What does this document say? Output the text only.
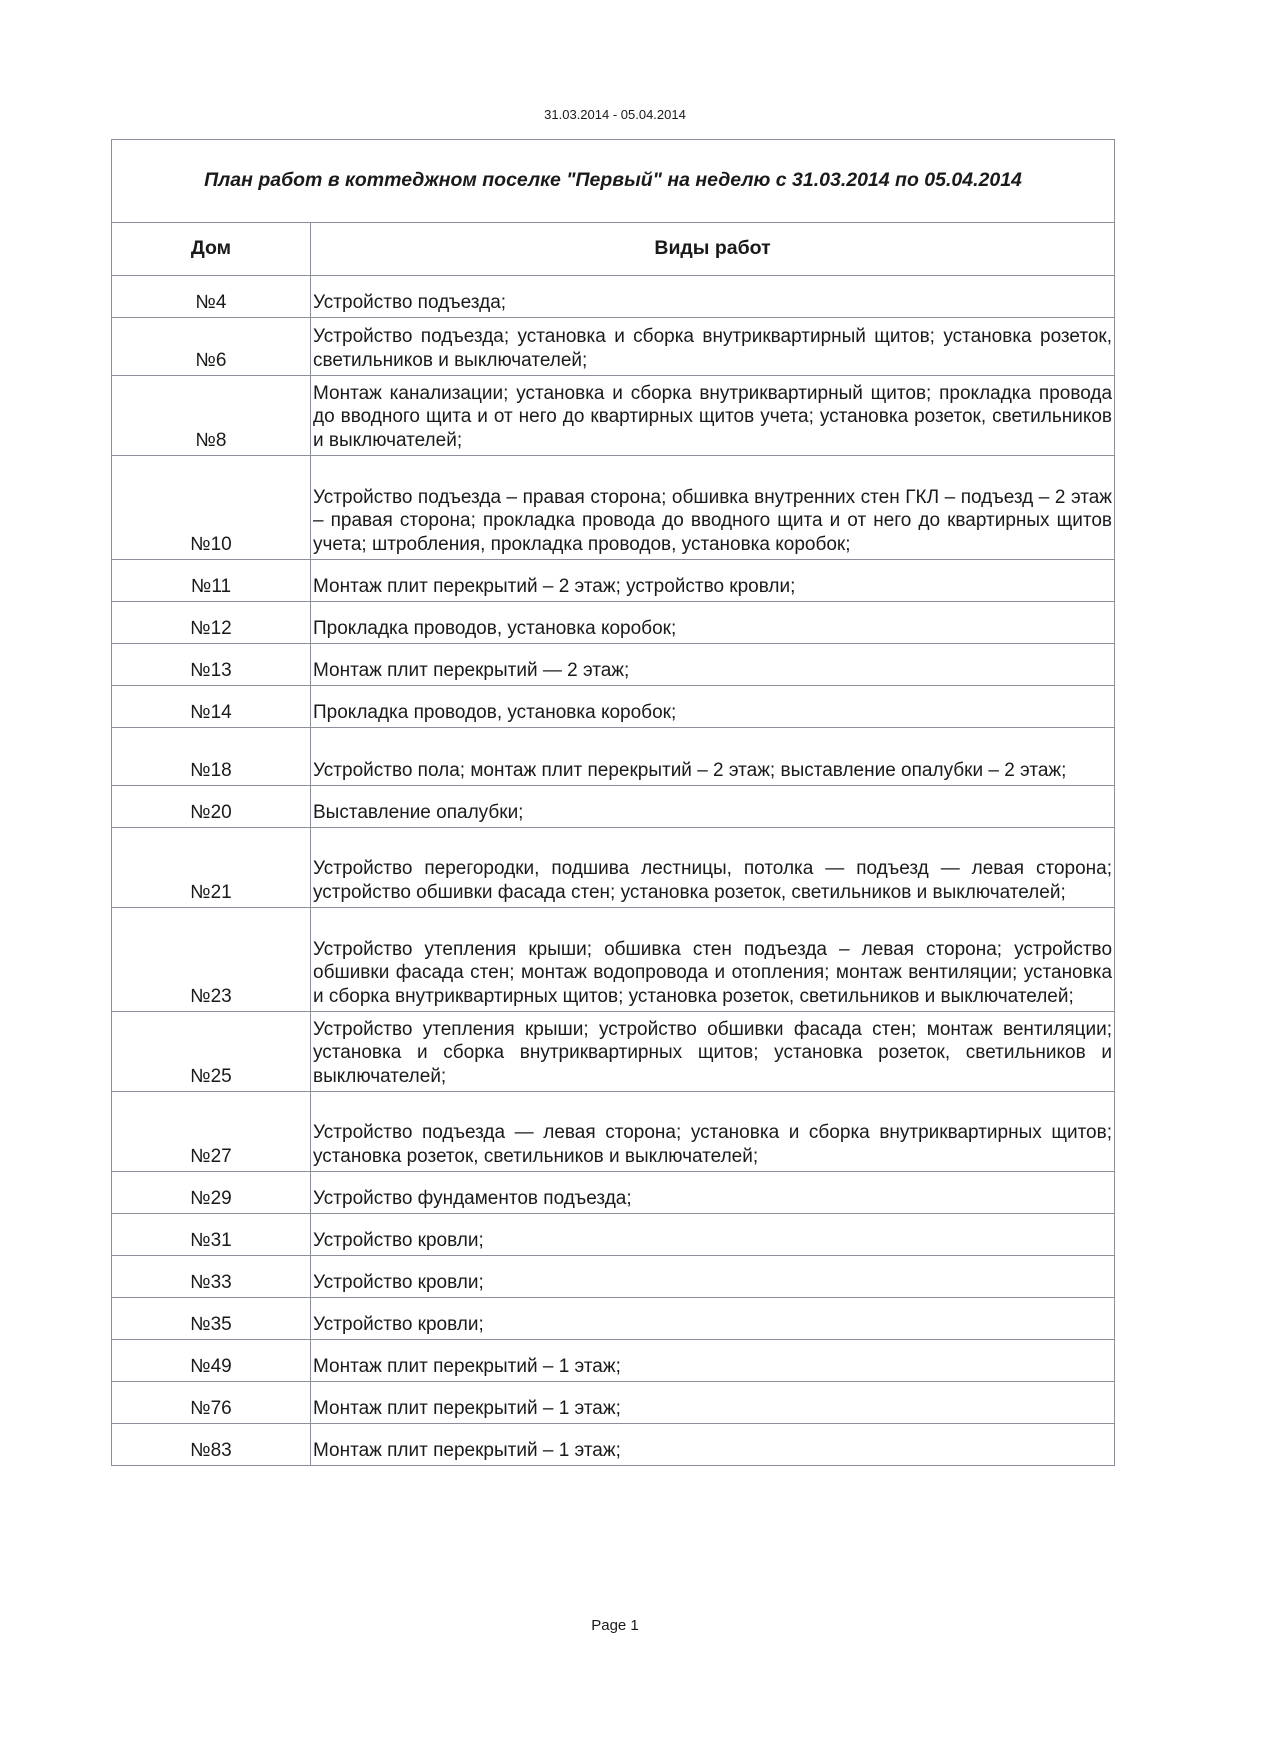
31.03.2014 - 05.04.2014
План работ в коттеджном поселке "Первый" на неделю с 31.03.2014 по 05.04.2014	
Дом	Виды работ
№4	Устройство подъезда;
№6	Устройство подъезда; установка и сборка внутриквартирный щитов; установка розеток, светильников и выключателей;
№8	Монтаж канализации; установка и сборка внутриквартирный щитов; прокладка провода до вводного щита и от него до квартирных щитов учета; установка розеток, светильников и выключателей;
№10	Устройство подъезда – правая сторона; обшивка внутренних стен ГКЛ – подъезд – 2 этаж – правая сторона; прокладка провода до вводного щита и от него до квартирных щитов учета; штробления, прокладка проводов, установка коробок;
№11	Монтаж плит перекрытий – 2 этаж; устройство кровли;
№12	Прокладка проводов, установка коробок;
№13	Монтаж плит перекрытий — 2 этаж;
№14	Прокладка проводов, установка коробок;
№18	Устройство пола; монтаж плит перекрытий – 2 этаж; выставление опалубки – 2 этаж;
№20	Выставление опалубки;
№21	Устройство перегородки, подшива лестницы, потолка — подъезд — левая сторона; устройство обшивки фасада стен; установка розеток, светильников и выключателей;
№23	Устройство утепления крыши; обшивка стен подъезда – левая сторона; устройство обшивки фасада стен; монтаж водопровода и отопления; монтаж вентиляции; установка и сборка внутриквартирных щитов; установка розеток, светильников и выключателей;
№25	Устройство утепления крыши; устройство обшивки фасада стен; монтаж вентиляции; установка и сборка внутриквартирных щитов; установка розеток, светильников и выключателей;
№27	Устройство подъезда — левая сторона; установка и сборка внутриквартирных щитов; установка розеток, светильников и выключателей;
№29	Устройство фундаментов подъезда;
№31	Устройство кровли;
№33	Устройство кровли;
№35	Устройство кровли;
№49	Монтаж плит перекрытий – 1 этаж;
№76	Монтаж плит перекрытий – 1 этаж;
№83	Монтаж плит перекрытий – 1 этаж;
Page 1
